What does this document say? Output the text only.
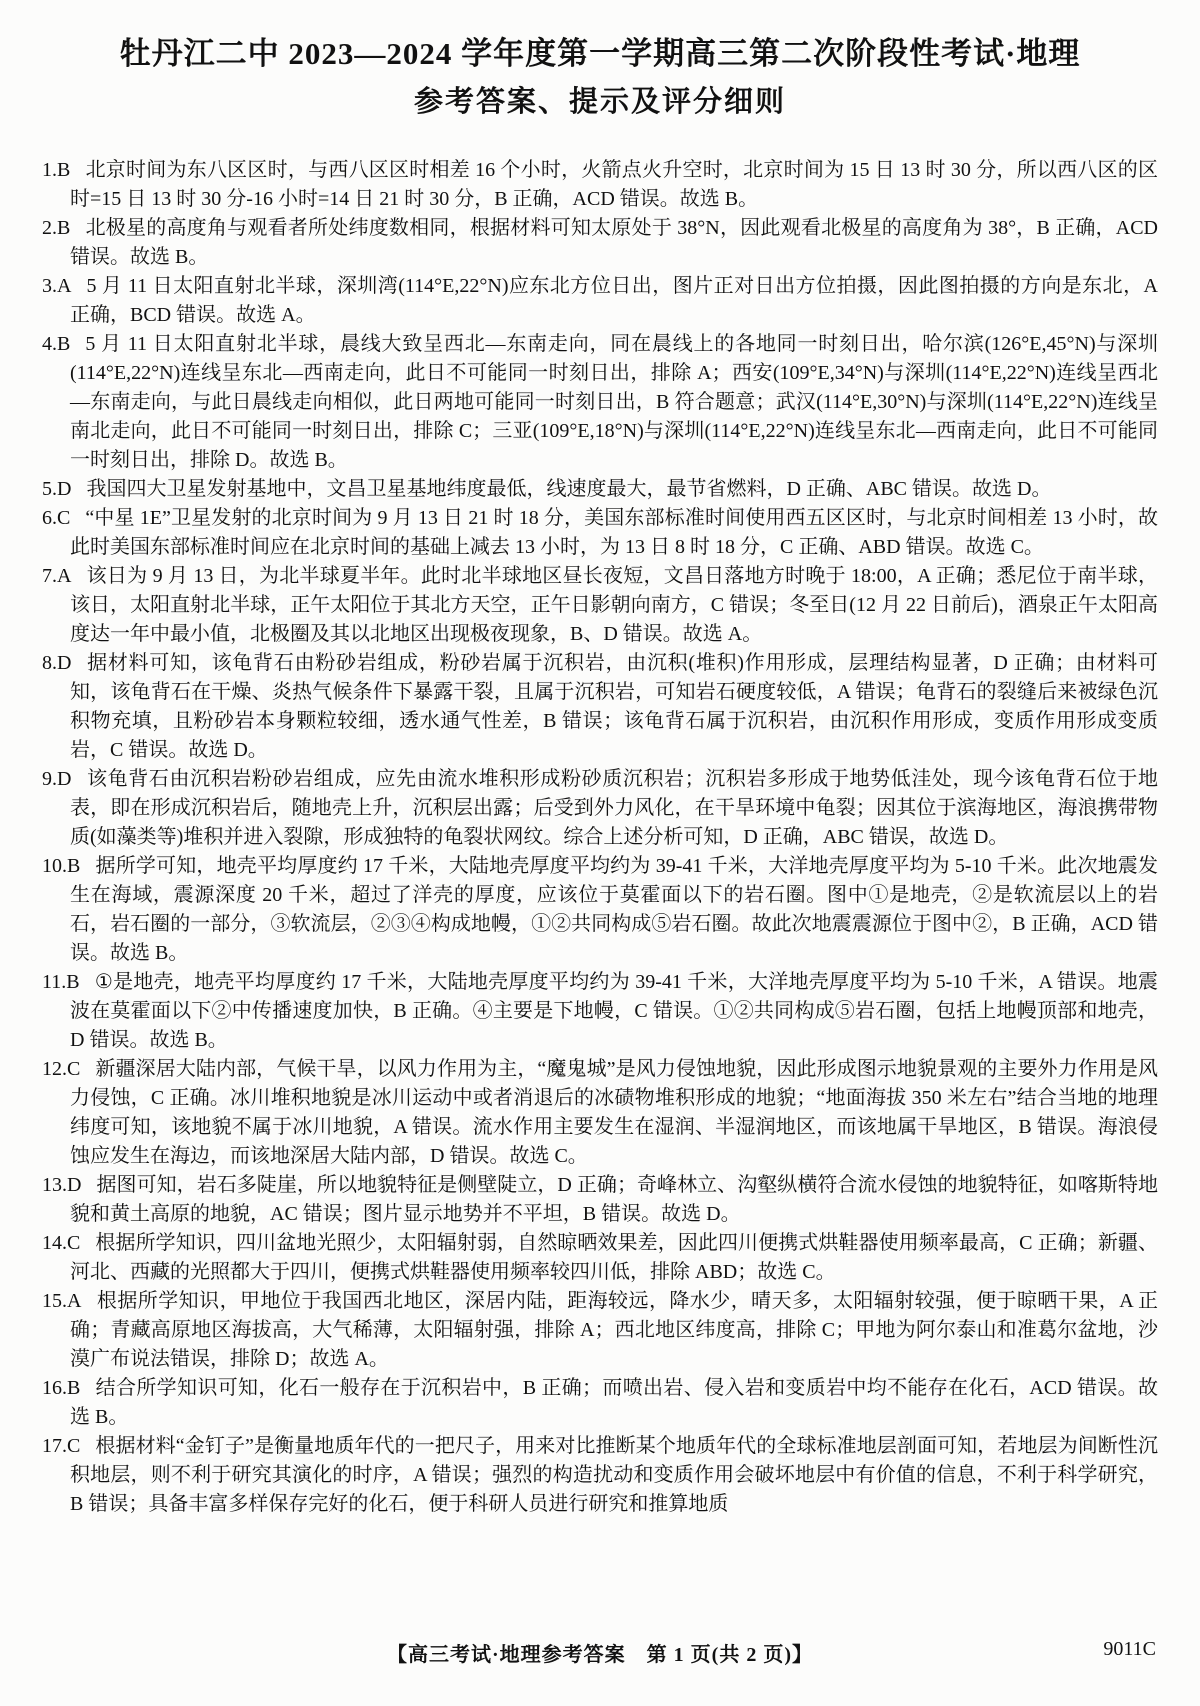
牡丹江二中 2023—2024 学年度第一学期高三第二次阶段性考试·地理
参考答案、提示及评分细则

1.B 北京时间为东八区区时，与西八区区时相差 16 个小时，火箭点火升空时，北京时间为 15 日 13 时 30 分，所以西八区的区时=15 日 13 时 30 分-16 小时=14 日 21 时 30 分，B 正确，ACD 错误。故选 B。

2.B 北极星的高度角与观看者所处纬度数相同，根据材料可知太原处于 38°N，因此观看北极星的高度角为 38°，B 正确，ACD 错误。故选 B。

3.A 5 月 11 日太阳直射北半球，深圳湾(114°E,22°N)应东北方位日出，图片正对日出方位拍摄，因此图拍摄的方向是东北，A 正确，BCD 错误。故选 A。

4.B 5 月 11 日太阳直射北半球，晨线大致呈西北—东南走向，同在晨线上的各地同一时刻日出，哈尔滨(126°E,45°N)与深圳(114°E,22°N)连线呈东北—西南走向，此日不可能同一时刻日出，排除 A；西安(109°E,34°N)与深圳(114°E,22°N)连线呈西北—东南走向，与此日晨线走向相似，此日两地可能同一时刻日出，B 符合题意；武汉(114°E,30°N)与深圳(114°E,22°N)连线呈南北走向，此日不可能同一时刻日出，排除 C；三亚(109°E,18°N)与深圳(114°E,22°N)连线呈东北—西南走向，此日不可能同一时刻日出，排除 D。故选 B。

5.D 我国四大卫星发射基地中，文昌卫星基地纬度最低，线速度最大，最节省燃料，D 正确、ABC 错误。故选 D。

6.C “中星 1E”卫星发射的北京时间为 9 月 13 日 21 时 18 分，美国东部标准时间使用西五区区时，与北京时间相差 13 小时，故此时美国东部标准时间应在北京时间的基础上减去 13 小时，为 13 日 8 时 18 分，C 正确、ABD 错误。故选 C。

7.A 该日为 9 月 13 日，为北半球夏半年。此时北半球地区昼长夜短，文昌日落地方时晚于 18:00，A 正确；悉尼位于南半球，该日，太阳直射北半球，正午太阳位于其北方天空，正午日影朝向南方，C 错误；冬至日(12 月 22 日前后)，酒泉正午太阳高度达一年中最小值，北极圈及其以北地区出现极夜现象，B、D 错误。故选 A。

8.D 据材料可知，该龟背石由粉砂岩组成，粉砂岩属于沉积岩，由沉积(堆积)作用形成，层理结构显著，D 正确；由材料可知，该龟背石在干燥、炎热气候条件下暴露干裂，且属于沉积岩，可知岩石硬度较低，A 错误；龟背石的裂缝后来被绿色沉积物充填，且粉砂岩本身颗粒较细，透水通气性差，B 错误；该龟背石属于沉积岩，由沉积作用形成，变质作用形成变质岩，C 错误。故选 D。

9.D 该龟背石由沉积岩粉砂岩组成，应先由流水堆积形成粉砂质沉积岩；沉积岩多形成于地势低洼处，现今该龟背石位于地表，即在形成沉积岩后，随地壳上升，沉积层出露；后受到外力风化，在干旱环境中龟裂；因其位于滨海地区，海浪携带物质(如藻类等)堆积并进入裂隙，形成独特的龟裂状网纹。综合上述分析可知，D 正确，ABC 错误，故选 D。

10.B 据所学可知，地壳平均厚度约 17 千米，大陆地壳厚度平均约为 39-41 千米，大洋地壳厚度平均为 5-10 千米。此次地震发生在海域，震源深度 20 千米，超过了洋壳的厚度，应该位于莫霍面以下的岩石圈。图中①是地壳，②是软流层以上的岩石，岩石圈的一部分，③软流层，②③④构成地幔，①②共同构成⑤岩石圈。故此次地震震源位于图中②，B 正确，ACD 错误。故选 B。

11.B ①是地壳，地壳平均厚度约 17 千米，大陆地壳厚度平均约为 39-41 千米，大洋地壳厚度平均为 5-10 千米，A 错误。地震波在莫霍面以下②中传播速度加快，B 正确。④主要是下地幔，C 错误。①②共同构成⑤岩石圈，包括上地幔顶部和地壳，D 错误。故选 B。

12.C 新疆深居大陆内部，气候干旱，以风力作用为主，“魔鬼城”是风力侵蚀地貌，因此形成图示地貌景观的主要外力作用是风力侵蚀，C 正确。冰川堆积地貌是冰川运动中或者消退后的冰碛物堆积形成的地貌；“地面海拔 350 米左右”结合当地的地理纬度可知，该地貌不属于冰川地貌，A 错误。流水作用主要发生在湿润、半湿润地区，而该地属干旱地区，B 错误。海浪侵蚀应发生在海边，而该地深居大陆内部，D 错误。故选 C。

13.D 据图可知，岩石多陡崖，所以地貌特征是侧壁陡立，D 正确；奇峰林立、沟壑纵横符合流水侵蚀的地貌特征，如喀斯特地貌和黄土高原的地貌，AC 错误；图片显示地势并不平坦，B 错误。故选 D。

14.C 根据所学知识，四川盆地光照少，太阳辐射弱，自然晾晒效果差，因此四川便携式烘鞋器使用频率最高，C 正确；新疆、河北、西藏的光照都大于四川，便携式烘鞋器使用频率较四川低，排除 ABD；故选 C。

15.A 根据所学知识，甲地位于我国西北地区，深居内陆，距海较远，降水少，晴天多，太阳辐射较强，便于晾晒干果，A 正确；青藏高原地区海拔高，大气稀薄，太阳辐射强，排除 A；西北地区纬度高，排除 C；甲地为阿尔泰山和准葛尔盆地，沙漠广布说法错误，排除 D；故选 A。

16.B 结合所学知识可知，化石一般存在于沉积岩中，B 正确；而喷出岩、侵入岩和变质岩中均不能存在化石，ACD 错误。故选 B。

17.C 根据材料“金钉子”是衡量地质年代的一把尺子，用来对比推断某个地质年代的全球标准地层剖面可知，若地层为间断性沉积地层，则不利于研究其演化的时序，A 错误；强烈的构造扰动和变质作用会破坏地层中有价值的信息，不利于科学研究，B 错误；具备丰富多样保存完好的化石，便于科研人员进行研究和推算地质

【高三考试·地理参考答案　第 1 页(共 2 页)】	9011C
